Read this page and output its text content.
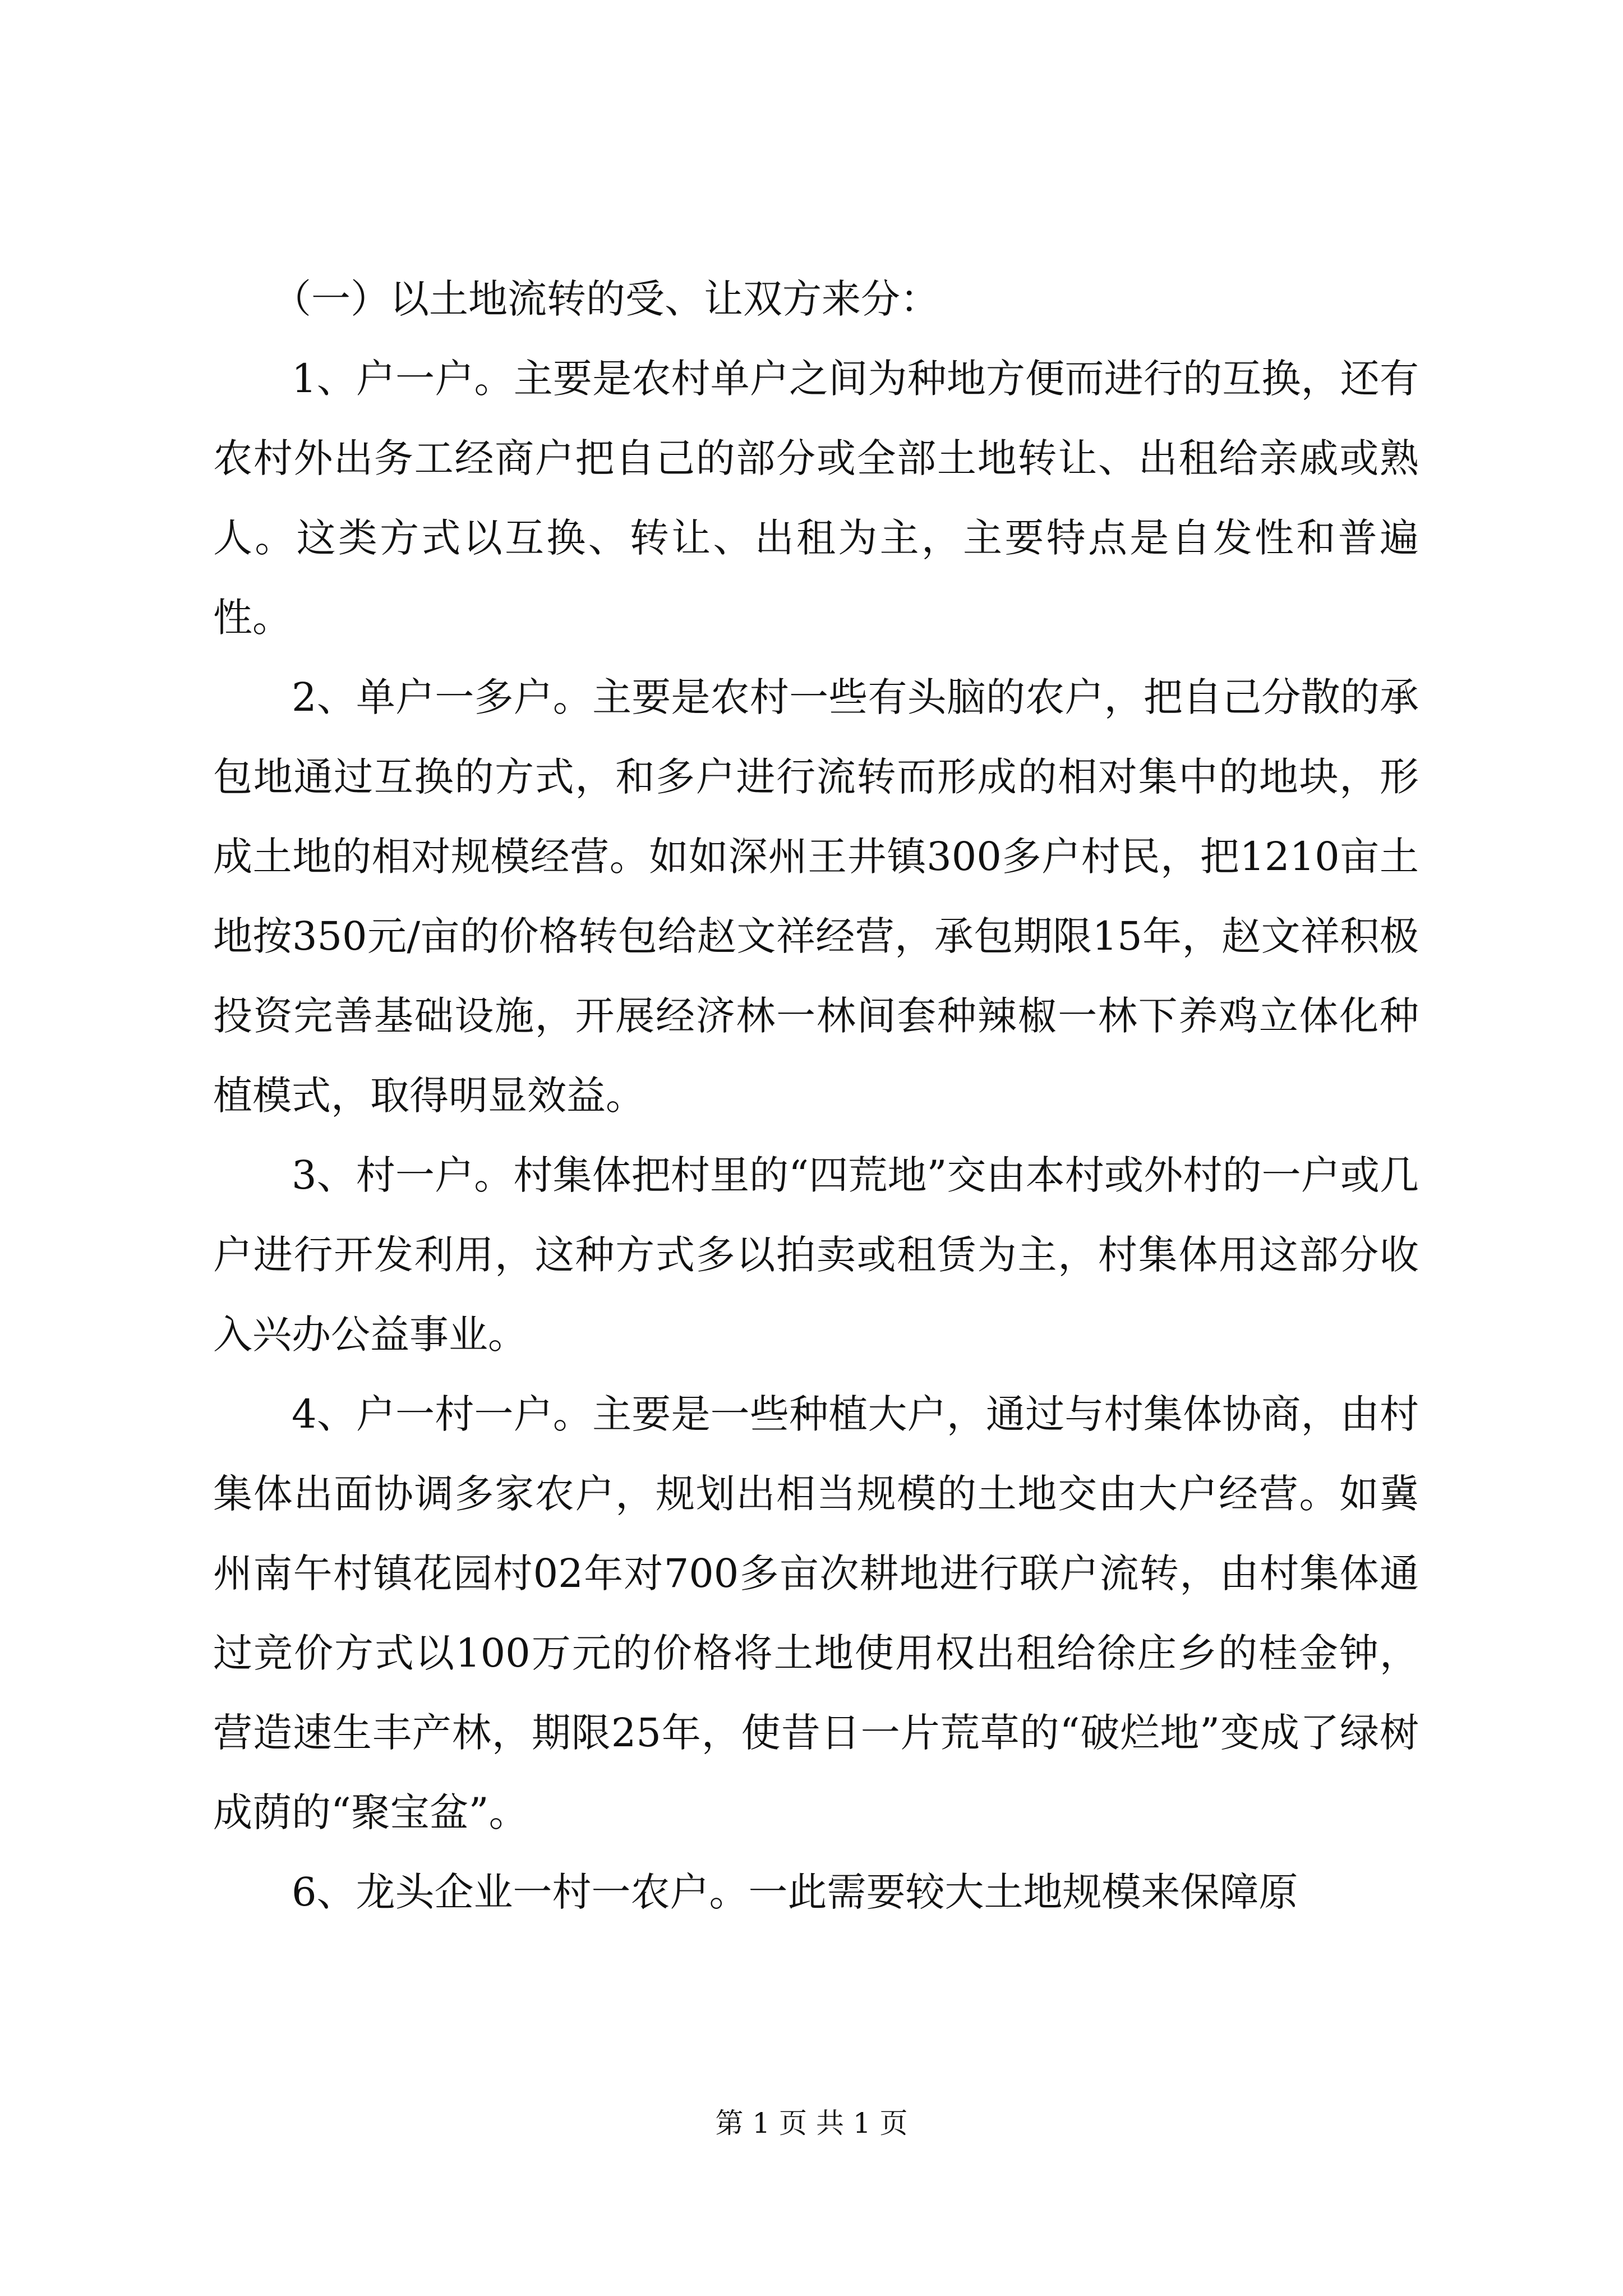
（一）以土地流转的受、让双方来分：

1、户一户。主要是农村单户之间为种地方便而进行的互换，还有农村外出务工经商户把自己的部分或全部土地转让、出租给亲戚或熟人。这类方式以互换、转让、出租为主，主要特点是自发性和普遍性。

2、单户一多户。主要是农村一些有头脑的农户，把自己分散的承包地通过互换的方式，和多户进行流转而形成的相对集中的地块，形成土地的相对规模经营。如如深州王井镇300多户村民，把1210亩土地按350元/亩的价格转包给赵文祥经营，承包期限15年，赵文祥积极投资完善基础设施，开展经济林一林间套种辣椒一林下养鸡立体化种植模式，取得明显效益。

3、村一户。村集体把村里的“四荒地”交由本村或外村的一户或几户进行开发利用，这种方式多以拍卖或租赁为主，村集体用这部分收入兴办公益事业。

4、户一村一户。主要是一些种植大户，通过与村集体协商，由村集体出面协调多家农户，规划出相当规模的土地交由大户经营。如冀州南午村镇花园村02年对700多亩次耕地进行联户流转，由村集体通过竞价方式以100万元的价格将土地使用权出租给徐庄乡的桂金钟，营造速生丰产林，期限25年，使昔日一片荒草的“破烂地”变成了绿树成荫的“聚宝盆”。

6、龙头企业一村一农户。一此需要较大土地规模来保障原

第 1 页 共 1 页
